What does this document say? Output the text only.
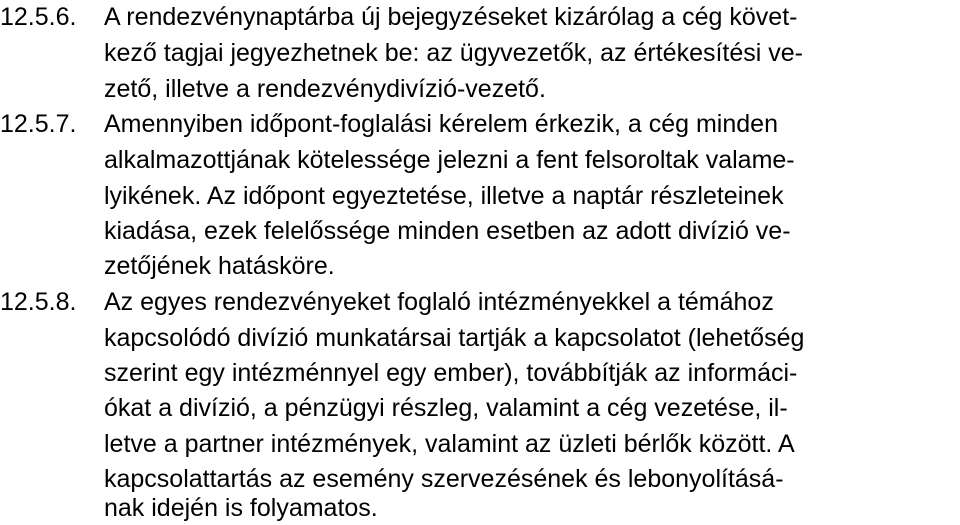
12.5.6.	A rendezvénynaptárba új bejegyzéseket kizárólag a cég követ-
kező tagjai jegyezhetnek be: az ügyvezetők, az értékesítési ve-
zető, illetve a rendezvénydivízió-vezető.
12.5.7.	Amennyiben időpont-foglalási kérelem érkezik, a cég minden
alkalmazottjának kötelessége jelezni a fent felsoroltak valame-
lyikének. Az időpont egyeztetése, illetve a naptár részleteinek
kiadása, ezek felelőssége minden esetben az adott divízió ve-
zetőjének hatásköre.
12.5.8.	Az egyes rendezvényeket foglaló intézményekkel a témához
kapcsolódó divízió munkatársai tartják a kapcsolatot (lehetőség
szerint egy intézménnyel egy ember), továbbítják az informáci-
ókat a divízió, a pénzügyi részleg, valamint a cég vezetése, il-
letve a partner intézmények, valamint az üzleti bérlők között. A
kapcsolattartás az esemény szervezésének és lebonyolításá-
nak idején is folyamatos.
